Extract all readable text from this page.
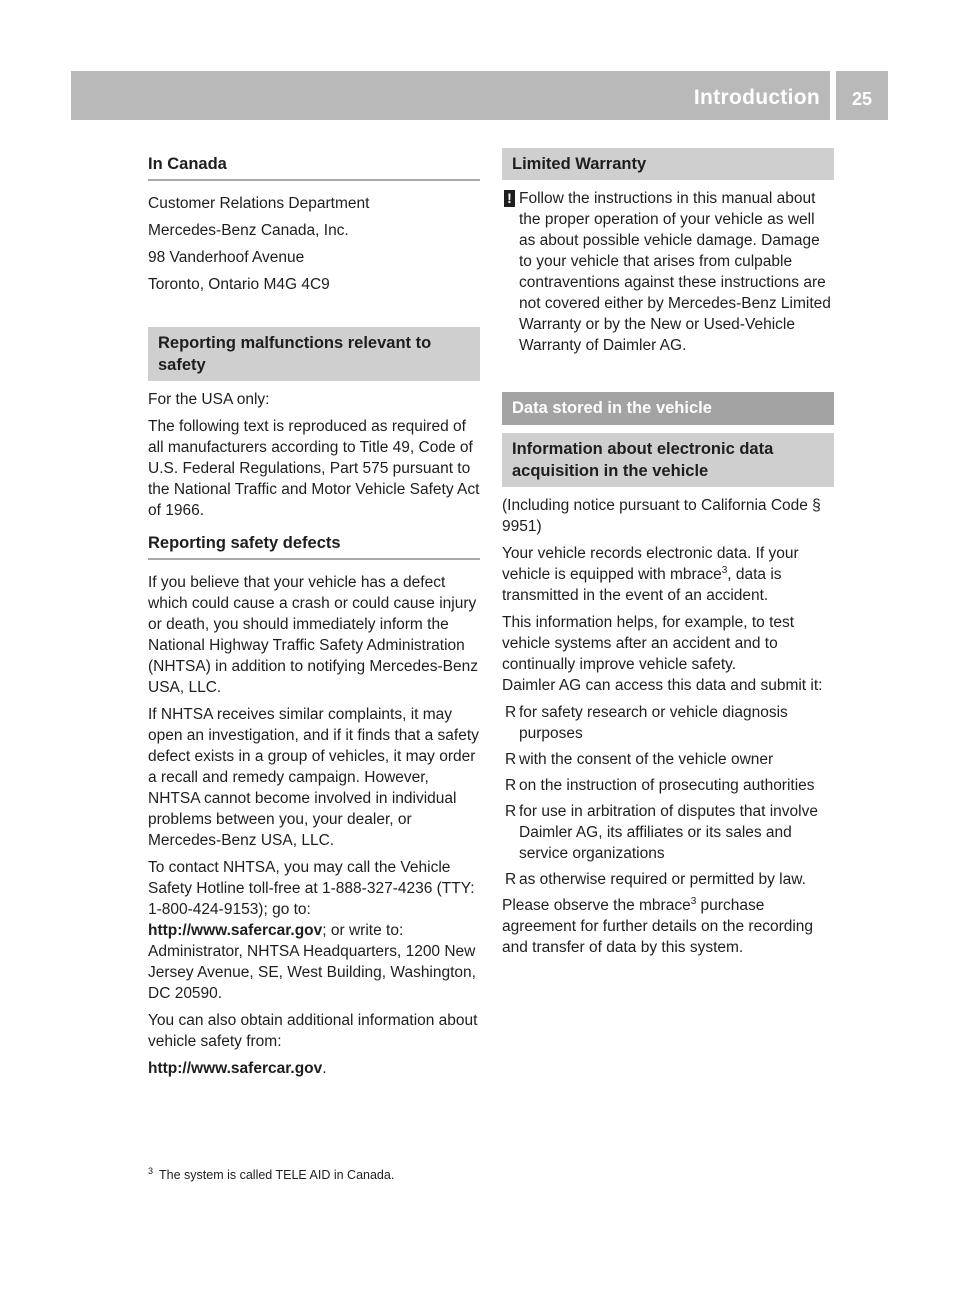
Introduction	25
In Canada

Customer Relations Department

Mercedes-Benz Canada, Inc.

98 Vanderhoof Avenue

Toronto, Ontario M4G 4C9

Reporting malfunctions relevant to safety

For the USA only:

The following text is reproduced as required of all manufacturers according to Title 49, Code of U.S. Federal Regulations, Part 575 pursuant to the National Traffic and Motor Vehicle Safety Act of 1966.

Reporting safety defects

If you believe that your vehicle has a defect which could cause a crash or could cause injury or death, you should immediately inform the National Highway Traffic Safety Administration (NHTSA) in addition to notifying Mercedes-Benz USA, LLC.

If NHTSA receives similar complaints, it may open an investigation, and if it finds that a safety defect exists in a group of vehicles, it may order a recall and remedy campaign. However, NHTSA cannot become involved in individual problems between you, your dealer, or Mercedes-Benz USA, LLC.

To contact NHTSA, you may call the Vehicle Safety Hotline toll-free at 1-888-327-4236 (TTY: 1-800-424-9153); go to: http://www.safercar.gov; or write to: Administrator, NHTSA Headquarters, 1200 New Jersey Avenue, SE, West Building, Washington, DC 20590.

You can also obtain additional information about vehicle safety from:

http://www.safercar.gov.

Limited Warranty

! Follow the instructions in this manual about the proper operation of your vehicle as well as about possible vehicle damage. Damage to your vehicle that arises from culpable contraventions against these instructions are not covered either by Mercedes-Benz Limited Warranty or by the New or Used-Vehicle Warranty of Daimler AG.

Data stored in the vehicle
Information about electronic data acquisition in the vehicle

(Including notice pursuant to California Code § 9951)

Your vehicle records electronic data. If your vehicle is equipped with mbrace$^3$, data is transmitted in the event of an accident.

This information helps, for example, to test vehicle systems after an accident and to continually improve vehicle safety.

Daimler AG can access this data and submit it:

R for safety research or vehicle diagnosis purposes
R with the consent of the vehicle owner
R on the instruction of prosecuting authorities
R for use in arbitration of disputes that involve Daimler AG, its affiliates or its sales and service organizations
R as otherwise required or permitted by law.

Please observe the mbrace$^3$ purchase agreement for further details on the recording and transfer of data by this system.

$^3$ The system is called TELE AID in Canada.
